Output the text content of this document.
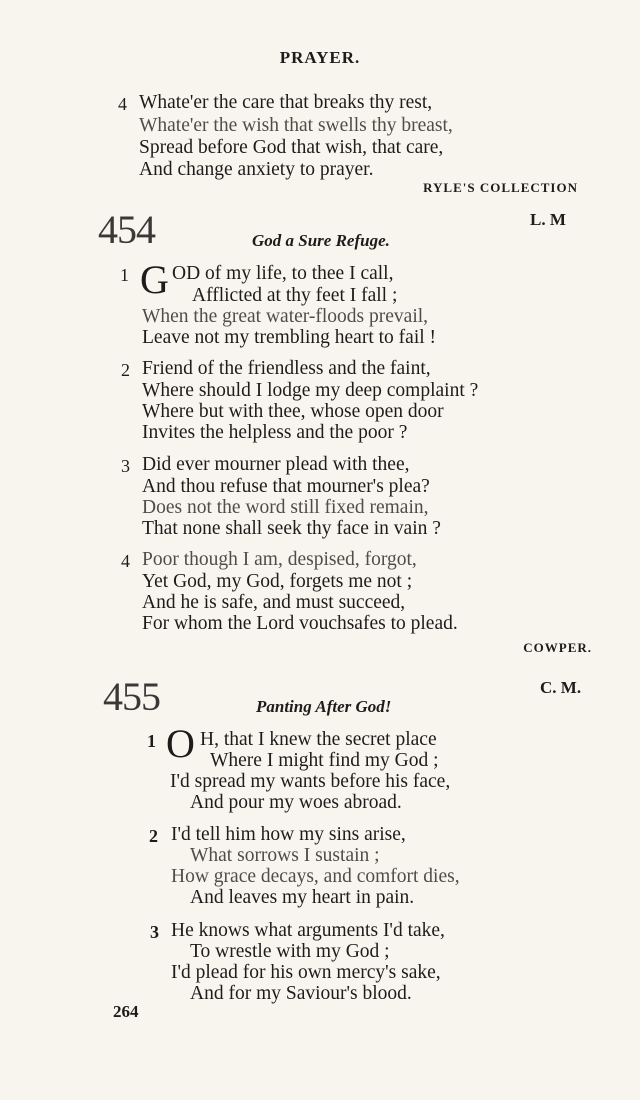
PRAYER.
4 Whate'er the care that breaks thy rest,
Whate'er the wish that swells thy breast,
Spread before God that wish, that care,
And change anxiety to prayer.
RYLE'S COLLECTION
454	L. M
God a Sure Refuge.
1 G OD of my life, to thee I call,
Afflicted at thy feet I fall ;
When the great water-floods prevail,
Leave not my trembling heart to fail !
2 Friend of the friendless and the faint,
Where should I lodge my deep complaint ?
Where but with thee, whose open door
Invites the helpless and the poor ?
3 Did ever mourner plead with thee,
And thou refuse that mourner's plea?
Does not the word still fixed remain,
That none shall seek thy face in vain ?
4 Poor though I am, despised, forgot,
Yet God, my God, forgets me not ;
And he is safe, and must succeed,
For whom the Lord vouchsafes to plead.
COWPER.
455	C. M.
Panting After God!
1 O H, that I knew the secret place
Where I might find my God ;
I'd spread my wants before his face,
And pour my woes abroad.
2 I'd tell him how my sins arise,
What sorrows I sustain ;
How grace decays, and comfort dies,
And leaves my heart in pain.
3 He knows what arguments I'd take,
To wrestle with my God ;
I'd plead for his own mercy's sake,
And for my Saviour's blood.
264
